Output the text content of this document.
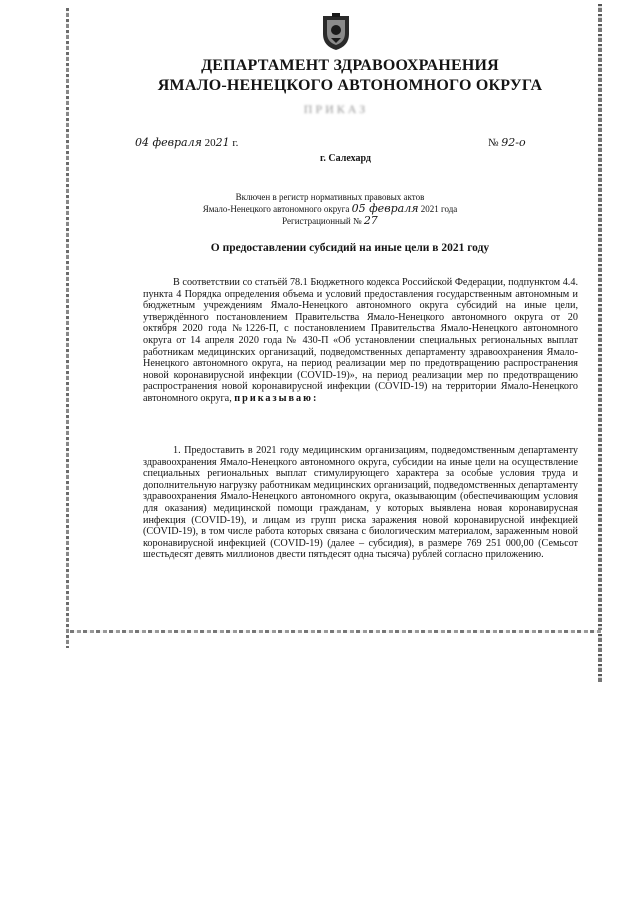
ДЕПАРТАМЕНТ ЗДРАВООХРАНЕНИЯ
ЯМАЛО-НЕНЕЦКОГО АВТОНОМНОГО ОКРУГА
ПРИКАЗ
04 февраля 2021 г.	№ 92-о
г. Салехард
Включен в регистр нормативных правовых актов
Ямало-Ненецкого автономного округа 05 февраля 2021 года
Регистрационный № 27
О предоставлении субсидий на иные цели в 2021 году
В соответствии со статьёй 78.1 Бюджетного кодекса Российской Федерации, подпунктом 4.4. пункта 4 Порядка определения объема и условий предоставления государственным автономным и бюджетным учреждениям Ямало-Ненецкого автономного округа субсидий на иные цели, утверждённого постановлением Правительства Ямало-Ненецкого автономного округа от 20 октября 2020 года №1226-П, с постановлением Правительства Ямало-Ненецкого автономного округа от 14 апреля 2020 года № 430-П «Об установлении специальных региональных выплат работникам медицинских организаций, подведомственных департаменту здравоохранения Ямало-Ненецкого автономного округа, на период реализации мер по предотвращению распространения новой коронавирусной инфекции (COVID-19)», на период реализации мер по предотвращению распространения новой коронавирусной инфекции (COVID-19) на территории Ямало-Ненецкого автономного округа, приказываю:
1. Предоставить в 2021 году медицинским организациям, подведомственным департаменту здравоохранения Ямало-Ненецкого автономного округа, субсидии на иные цели на осуществление специальных региональных выплат стимулирующего характера за особые условия труда и дополнительную нагрузку работникам медицинских организаций, подведомственных департаменту здравоохранения Ямало-Ненецкого автономного округа, оказывающим (обеспечивающим условия для оказания) медицинской помощи гражданам, у которых выявлена новая коронавирусная инфекция (COVID-19), и лицам из групп риска заражения новой коронавирусной инфекцией (COVID-19), в том числе работа которых связана с биологическим материалом, зараженным новой коронавирусной инфекцией (COVID-19) (далее – субсидия), в размере 769 251 000,00 (Семьсот шестьдесят девять миллионов двести пятьдесят одна тысяча) рублей согласно приложению.
